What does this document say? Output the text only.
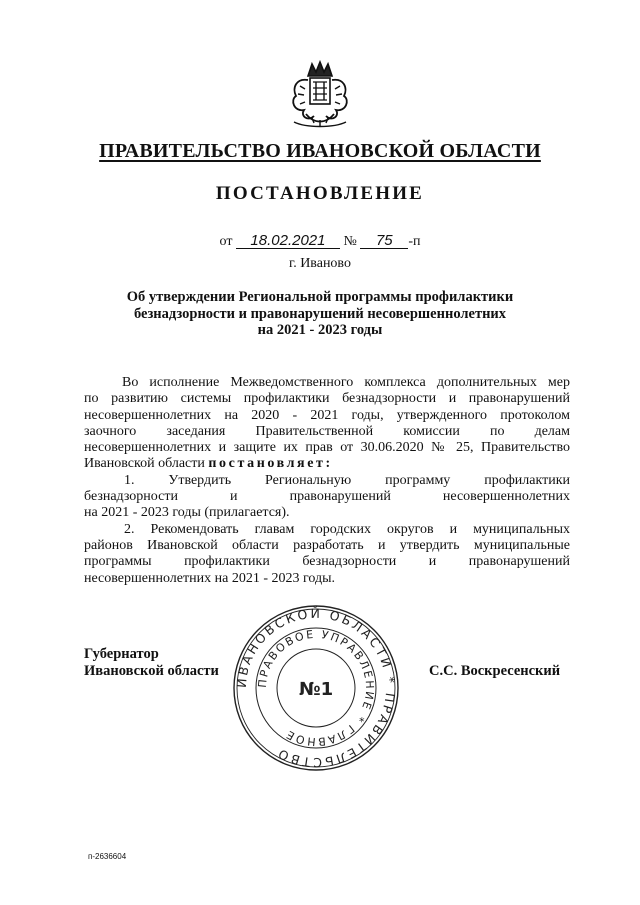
ПРАВИТЕЛЬСТВО ИВАНОВСКОЙ ОБЛАСТИ
ПОСТАНОВЛЕНИЕ
от 18.02.2021 № 75 -п
г. Иваново
Об утверждении Региональной программы профилактики
безнадзорности и правонарушений несовершеннолетних
на 2021 - 2023 годы

Во исполнение Межведомственного комплекса дополнительных мер

по развитию системы профилактики безнадзорности и правонарушений

несовершеннолетних на 2020 - 2021 годы, утвержденного протоколом

заочного заседания Правительственной комиссии по делам

несовершеннолетних и защите их прав от 30.06.2020 № 25, Правительство

Ивановской области постановляет:

1. Утвердить Региональную программу профилактики

безнадзорности и правонарушений несовершеннолетних

на 2021 - 2023 годы (прилагается).

2. Рекомендовать главам городских округов и муниципальных

районов Ивановской области разработать и утвердить муниципальные

программы профилактики безнадзорности и правонарушений

несовершеннолетних на 2021 - 2023 годы.

Губернатор
Ивановской области	С.С. Воскресенский
ИВАНОВСКОЙ ОБЛАСТИ * ПРАВИТЕЛЬСТВО
ПРАВОВОЕ УПРАВЛЕНИЕ * ГЛАВНОЕ
№1
п-2636604
